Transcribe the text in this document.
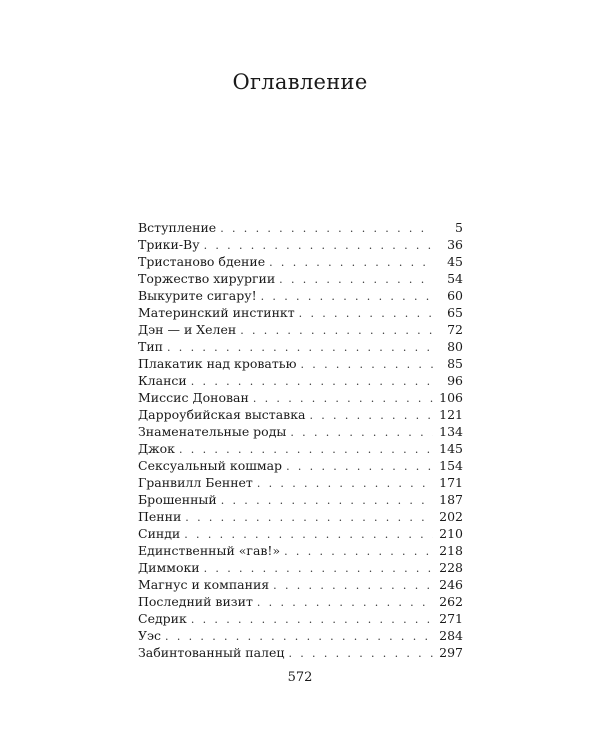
Оглавление
Вступление . . .	5
Трики-Ву . . .	36
Тристаново бдение . . .	45
Торжество хирургии . . .	54
Выкурите сигару! . . .	60
Материнский инстинкт . . .	65
Дэн — и Хелен . . .	72
Тип . . .	80
Плакатик над кроватью . . .	85
Кланси . . .	96
Миссис Донован . . .	106
Дарроубийская выставка . . .	121
Знаменательные роды . . .	134
Джок . . .	145
Сексуальный кошмар . . .	154
Гранвилл Беннет . . .	171
Брошенный . . .	187
Пенни . . .	202
Синди . . .	210
Единственный «гав!» . . .	218
Диммоки . . .	228
Магнус и компания . . .	246
Последний визит . . .	262
Седрик . . .	271
Уэс . . .	284
Забинтованный палец . . .	297
572
